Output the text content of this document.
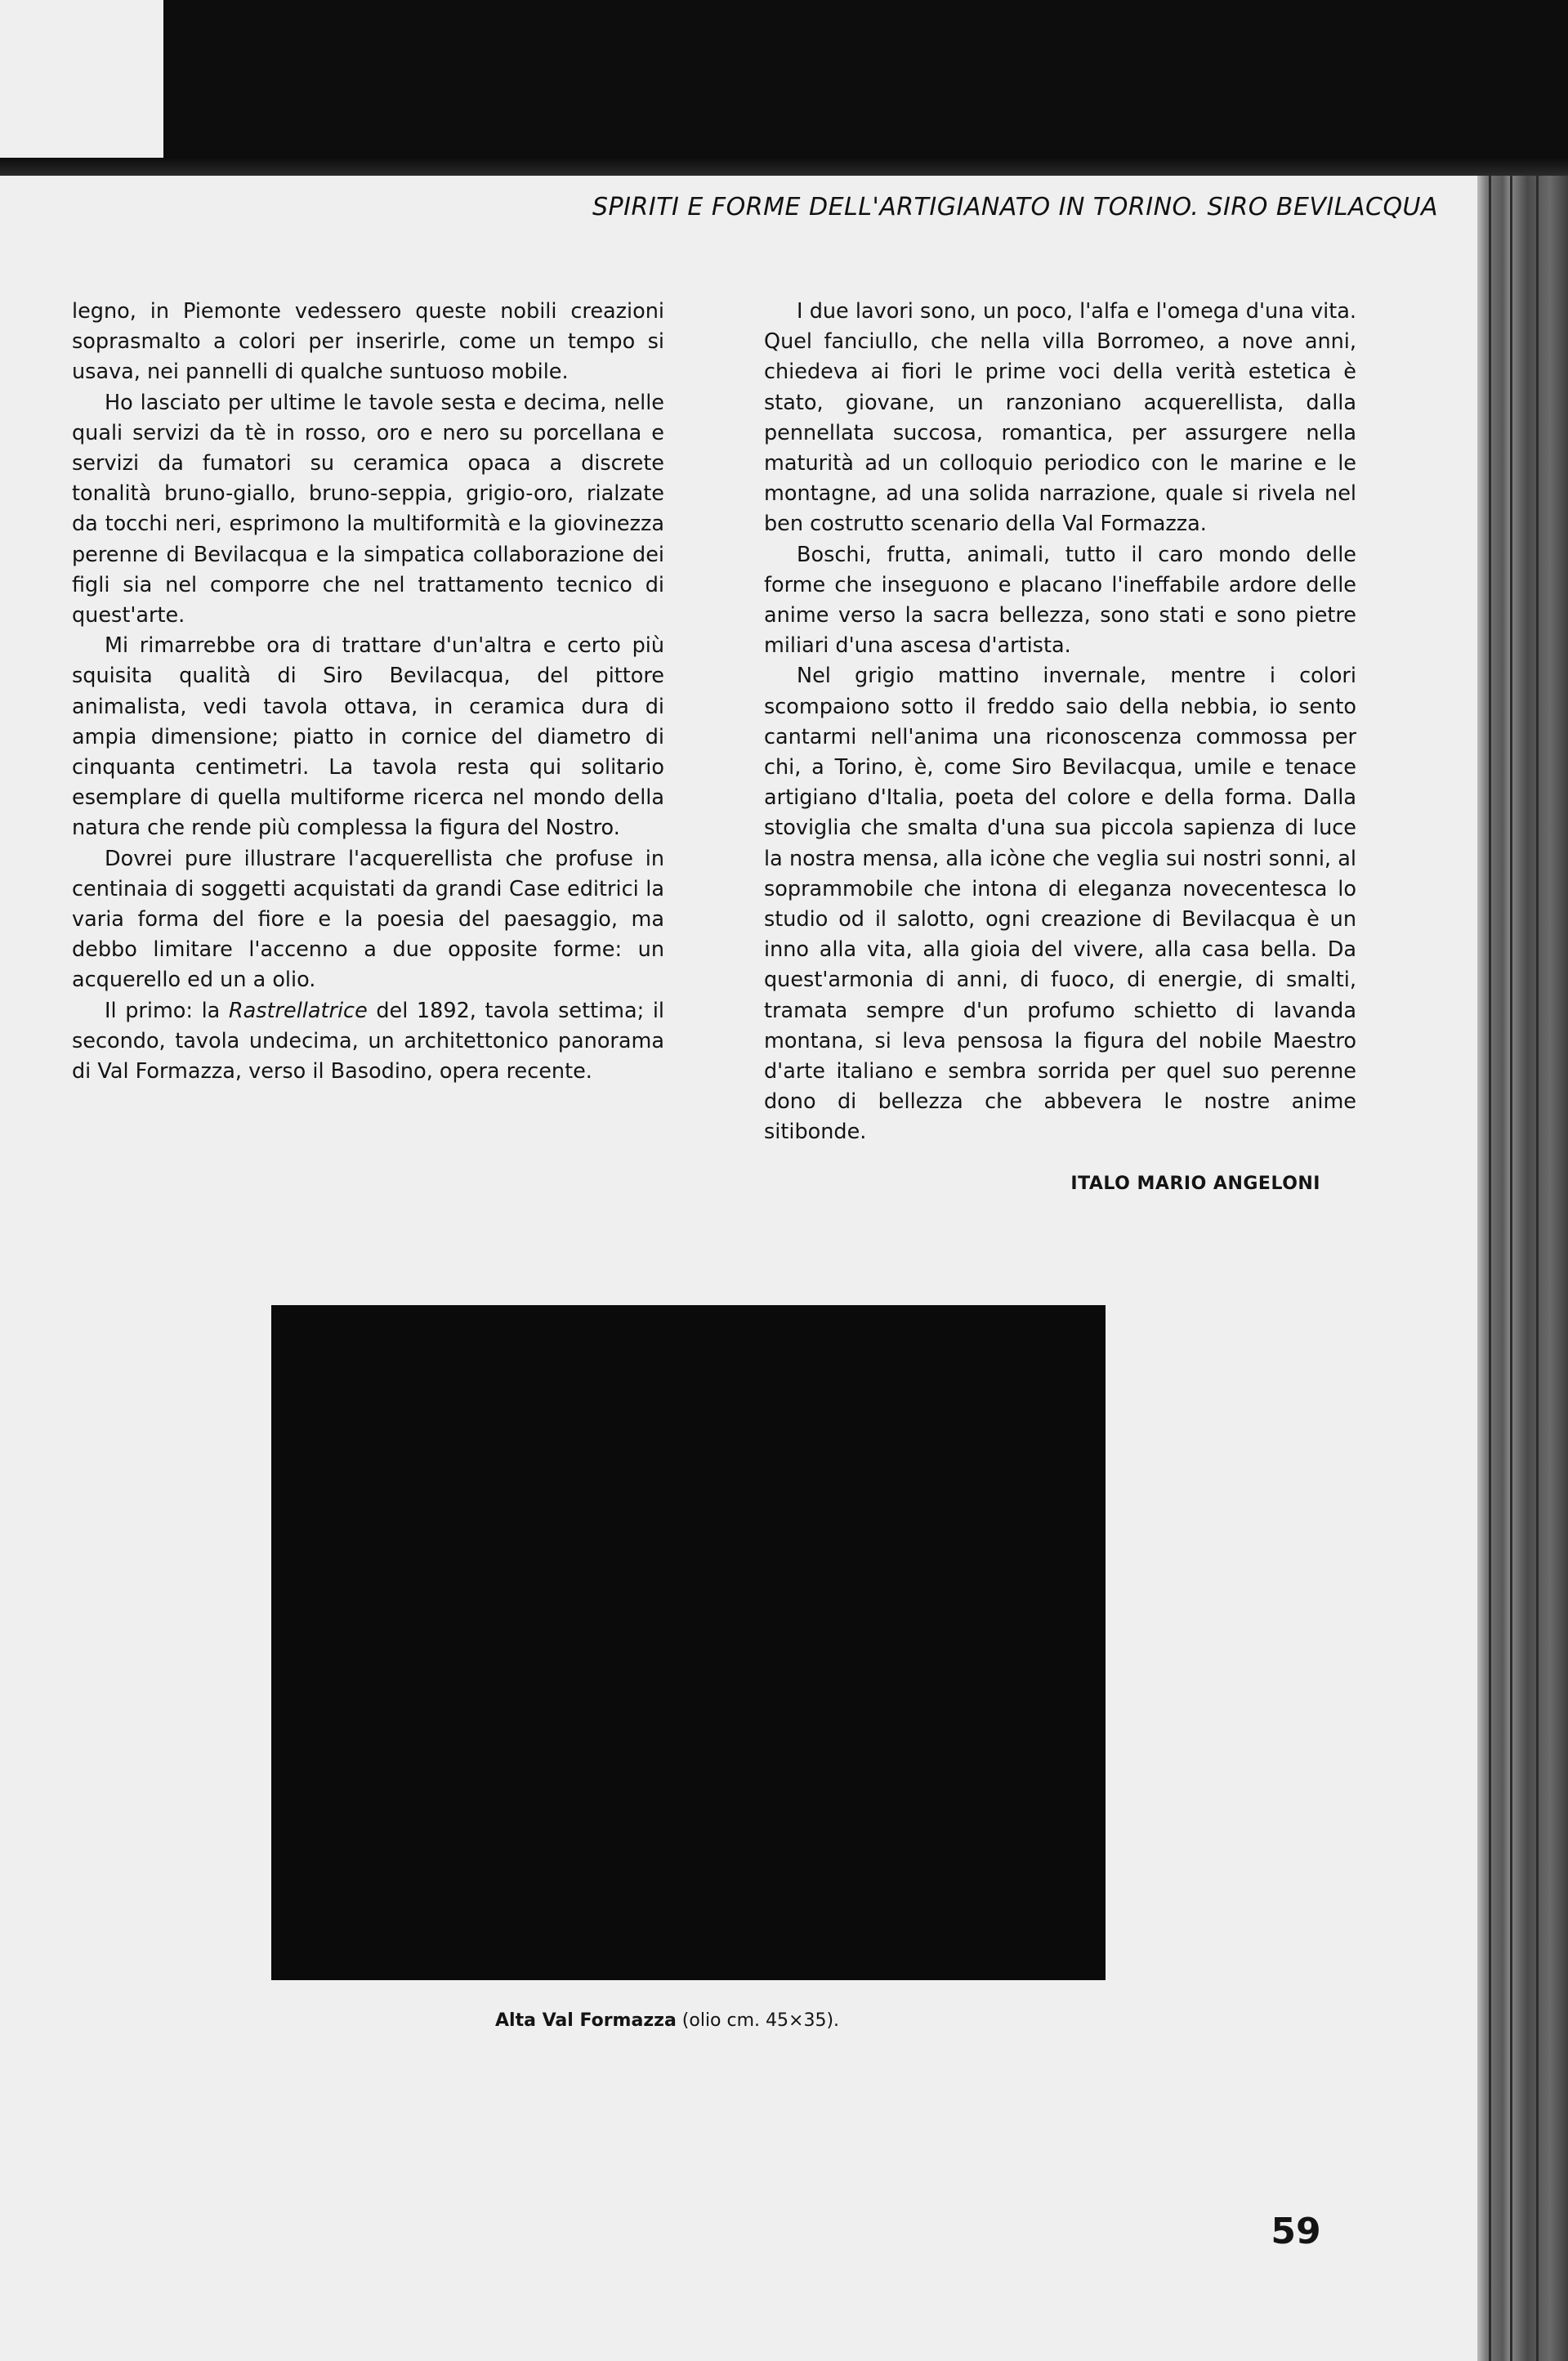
SPIRITI E FORME DELL'ARTIGIANATO IN TORINO. SIRO BEVILACQUA

legno, in Piemonte vedessero queste nobili creazioni soprasmalto a colori per inserirle, come un tempo si usava, nei pannelli di qualche suntuoso mobile.

Ho lasciato per ultime le tavole sesta e decima, nelle quali servizi da tè in rosso, oro e nero su porcellana e servizi da fumatori su ceramica opaca a discrete tonalità bruno-giallo, bruno-seppia, grigio-oro, rialzate da tocchi neri, esprimono la multiformità e la giovinezza perenne di Bevilacqua e la simpatica collaborazione dei figli sia nel comporre che nel trattamento tecnico di quest'arte.

Mi rimarrebbe ora di trattare d'un'altra e certo più squisita qualità di Siro Bevilacqua, del pittore animalista, vedi tavola ottava, in ceramica dura di ampia dimensione; piatto in cornice del diametro di cinquanta centimetri. La tavola resta qui solitario esemplare di quella multiforme ricerca nel mondo della natura che rende più complessa la figura del Nostro.

Dovrei pure illustrare l'acquerellista che profuse in centinaia di soggetti acquistati da grandi Case editrici la varia forma del fiore e la poesia del paesaggio, ma debbo limitare l'accenno a due opposite forme: un acquerello ed un a olio.

Il primo: la Rastrellatrice del 1892, tavola settima; il secondo, tavola undecima, un architettonico panorama di Val Formazza, verso il Basodino, opera recente.

I due lavori sono, un poco, l'alfa e l'omega d'una vita. Quel fanciullo, che nella villa Borromeo, a nove anni, chiedeva ai fiori le prime voci della verità estetica è stato, giovane, un ranzoniano acquerellista, dalla pennellata succosa, romantica, per assurgere nella maturità ad un colloquio periodico con le marine e le montagne, ad una solida narrazione, quale si rivela nel ben costrutto scenario della Val Formazza.

Boschi, frutta, animali, tutto il caro mondo delle forme che inseguono e placano l'ineffabile ardore delle anime verso la sacra bellezza, sono stati e sono pietre miliari d'una ascesa d'artista.

Nel grigio mattino invernale, mentre i colori scompaiono sotto il freddo saio della nebbia, io sento cantarmi nell'anima una riconoscenza commossa per chi, a Torino, è, come Siro Bevilacqua, umile e tenace artigiano d'Italia, poeta del colore e della forma. Dalla stoviglia che smalta d'una sua piccola sapienza di luce la nostra mensa, alla icòne che veglia sui nostri sonni, al soprammobile che intona di eleganza novecentesca lo studio od il salotto, ogni creazione di Bevilacqua è un inno alla vita, alla gioia del vivere, alla casa bella. Da quest'armonia di anni, di fuoco, di energie, di smalti, tramata sempre d'un profumo schietto di lavanda montana, si leva pensosa la figura del nobile Maestro d'arte italiano e sembra sorrida per quel suo perenne dono di bellezza che abbevera le nostre anime sitibonde.

ITALO MARIO ANGELONI
Alta Val Formazza (olio cm. 45×35).
59
